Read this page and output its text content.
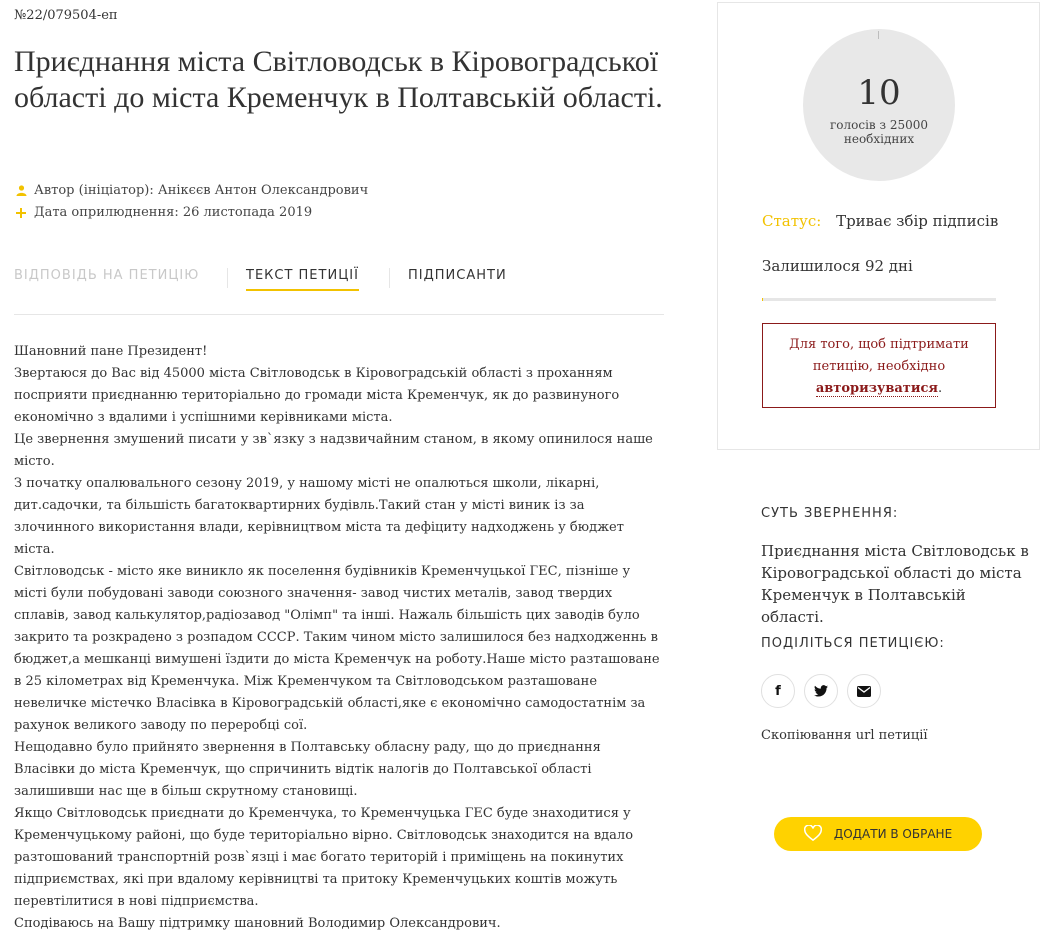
№22/079504-еп
Приєднання міста Світловодськ в Кіровоградської області до міста Кременчук в Полтавській області.
Автор (ініціатор): Анікєєв Антон Олександрович
Дата оприлюднення: 26 листопада 2019
ВІДПОВІДЬ НА ПЕТИЦІЮ	ТЕКСТ ПЕТИЦІЇ	ПІДПИСАНТИ

Шановний пане Президент!

Звертаюся до Вас від 45000 міста Світловодськ в Кіровоградській області з проханням посприяти приєднанню територіально до громади міста Кременчук, як до развинуного економічно з вдалими і успішними керівниками міста.

Це звернення змушений писати у зв`язку з надзвичайним станом, в якому опинилося наше місто.

З початку опалювального сезону 2019, у нашому місті не опалються школи, лікарні, дит.садочки, та більшість багатоквартирних будівль.Такий стан у місті виник із за злочинного використання влади, керівництвом міста та дефіциту надходжень у бюджет міста.

Світловодськ - місто яке виникло як поселення будівників Кременчуцької ГЕС, пізніше у місті були побудовані заводи союзного значення- завод чистих металів, завод твердих сплавів, завод калькулятор,радіозавод "Олімп" та інші. Нажаль більшість цих заводів було закрито та розкрадено з розпадом СССР. Таким чином місто залишилося без надходженнь в бюджет,а мешканці вимушені їздити до міста Кременчук на роботу.Наше місто разташоване в 25 кілометрах від Кременчука. Між Кременчуком та Світловодськом разташоване невеличке містечко Власівка в Кіровоградській області,яке є економічно самодостатнім за рахунок великого заводу по переробці сої.

Нещодавно було прийнято звернення в Полтавську обласну раду, що до приєднання Власівки до міста Кременчук, що спричинить відтік налогів до Полтавської області залишивши нас ще в більш скрутному становищі.

Якщо Світловодськ приєднати до Кременчука, то Кременчуцька ГЕС буде знаходитися у Кременчуцькому районі, що буде територіально вірно. Світловодськ знаходится на вдало разтошований транспортній розв`язці і має богато територій і приміщень на покинутих підприємствах, які при вдалому керівництві та притоку Кременчуцьких коштів можуть перевтілитися в нові підприємства.

Сподіваюсь на Вашу підтримку шановний Володимир Олександрович.

10
голосів з 25000 необхідних
Статус: Триває збір підписів
Залишилося 92 дні
Для того, щоб підтримати петицію, необхідно авторизуватися.
СУТЬ ЗВЕРНЕННЯ:
Приєднання міста Світловодськ в Кіровоградської області до міста Кременчук в Полтавській області.
ПОДІЛІТЬСЯ ПЕТИЦІЄЮ:
f
Скопіювання url петиції
ДОДАТИ В ОБРАНЕ
